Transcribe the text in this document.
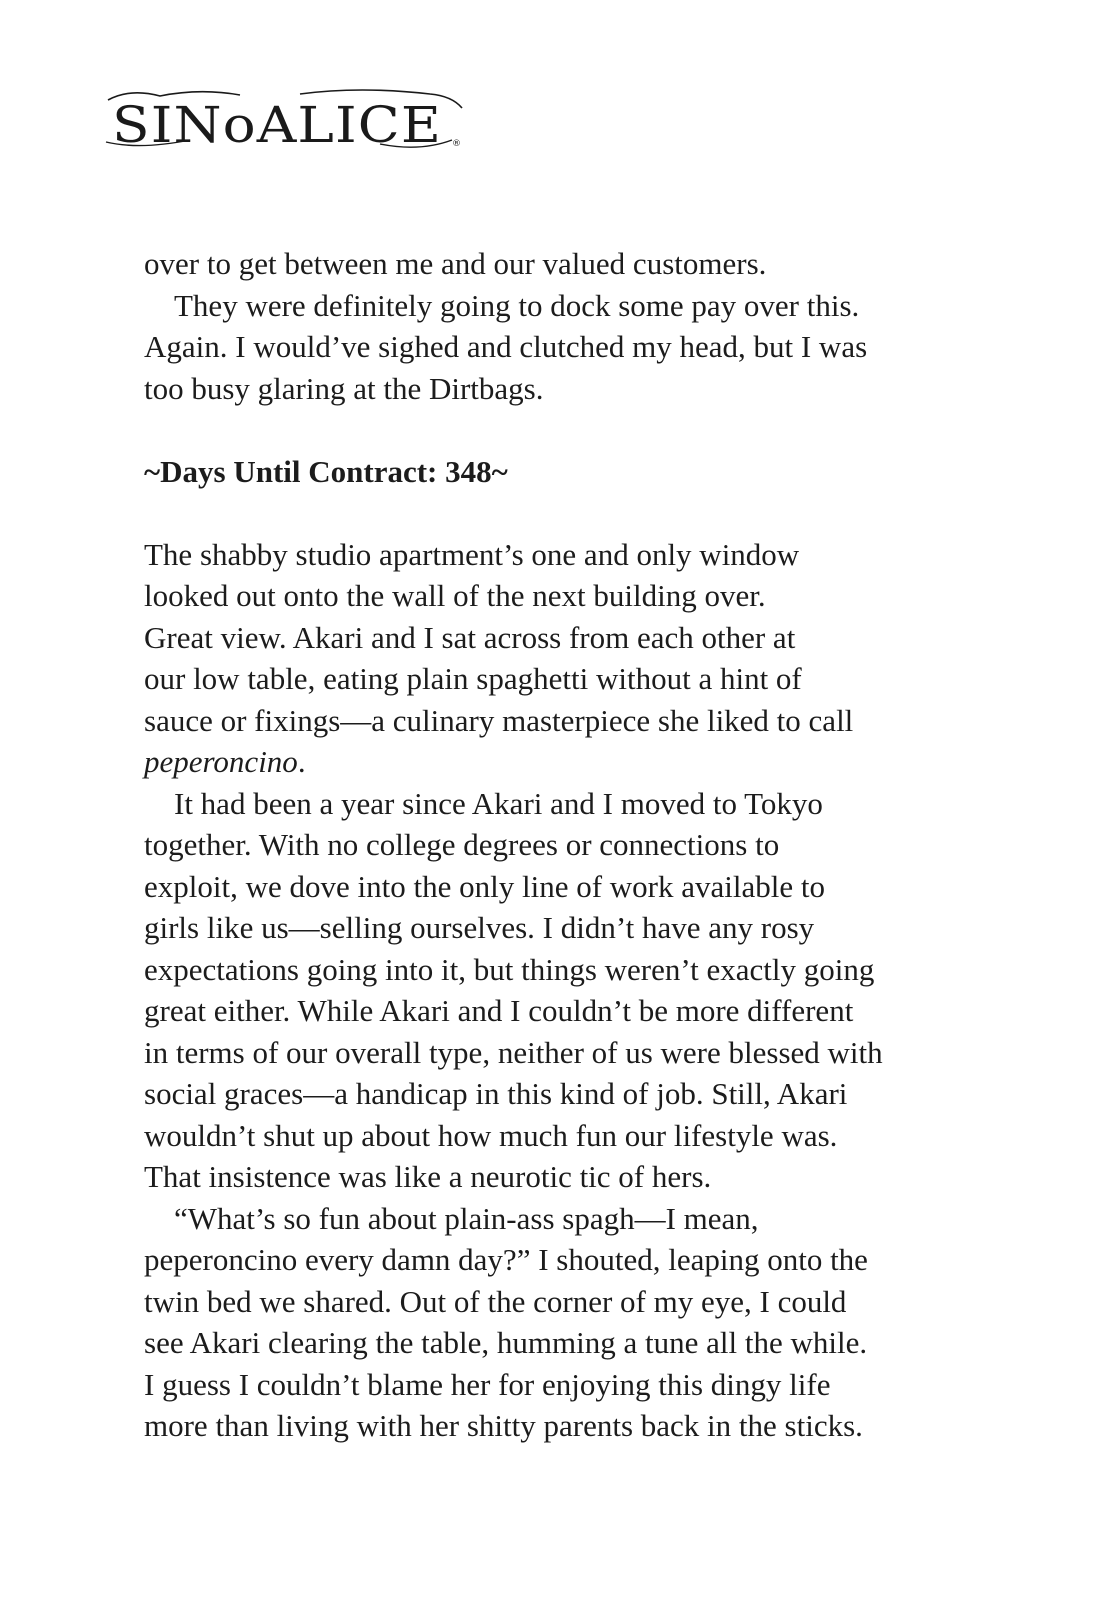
SINoALICE ®
over to get between me and our valued customers.
They were definitely going to dock some pay over this.
Again. I would’ve sighed and clutched my head, but I was
too busy glaring at the Dirtbags.
~Days Until Contract: 348~
The shabby studio apartment’s one and only window
looked out onto the wall of the next building over.
Great view. Akari and I sat across from each other at
our low table, eating plain spaghetti without a hint of
sauce or fixings—a culinary masterpiece she liked to call
peperoncino.
It had been a year since Akari and I moved to Tokyo
together. With no college degrees or connections to
exploit, we dove into the only line of work available to
girls like us—selling ourselves. I didn’t have any rosy
expectations going into it, but things weren’t exactly going
great either. While Akari and I couldn’t be more different
in terms of our overall type, neither of us were blessed with
social graces—a handicap in this kind of job. Still, Akari
wouldn’t shut up about how much fun our lifestyle was.
That insistence was like a neurotic tic of hers.
“What’s so fun about plain-ass spagh—I mean,
peperoncino every damn day?” I shouted, leaping onto the
twin bed we shared. Out of the corner of my eye, I could
see Akari clearing the table, humming a tune all the while.
I guess I couldn’t blame her for enjoying this dingy life
more than living with her shitty parents back in the sticks.
